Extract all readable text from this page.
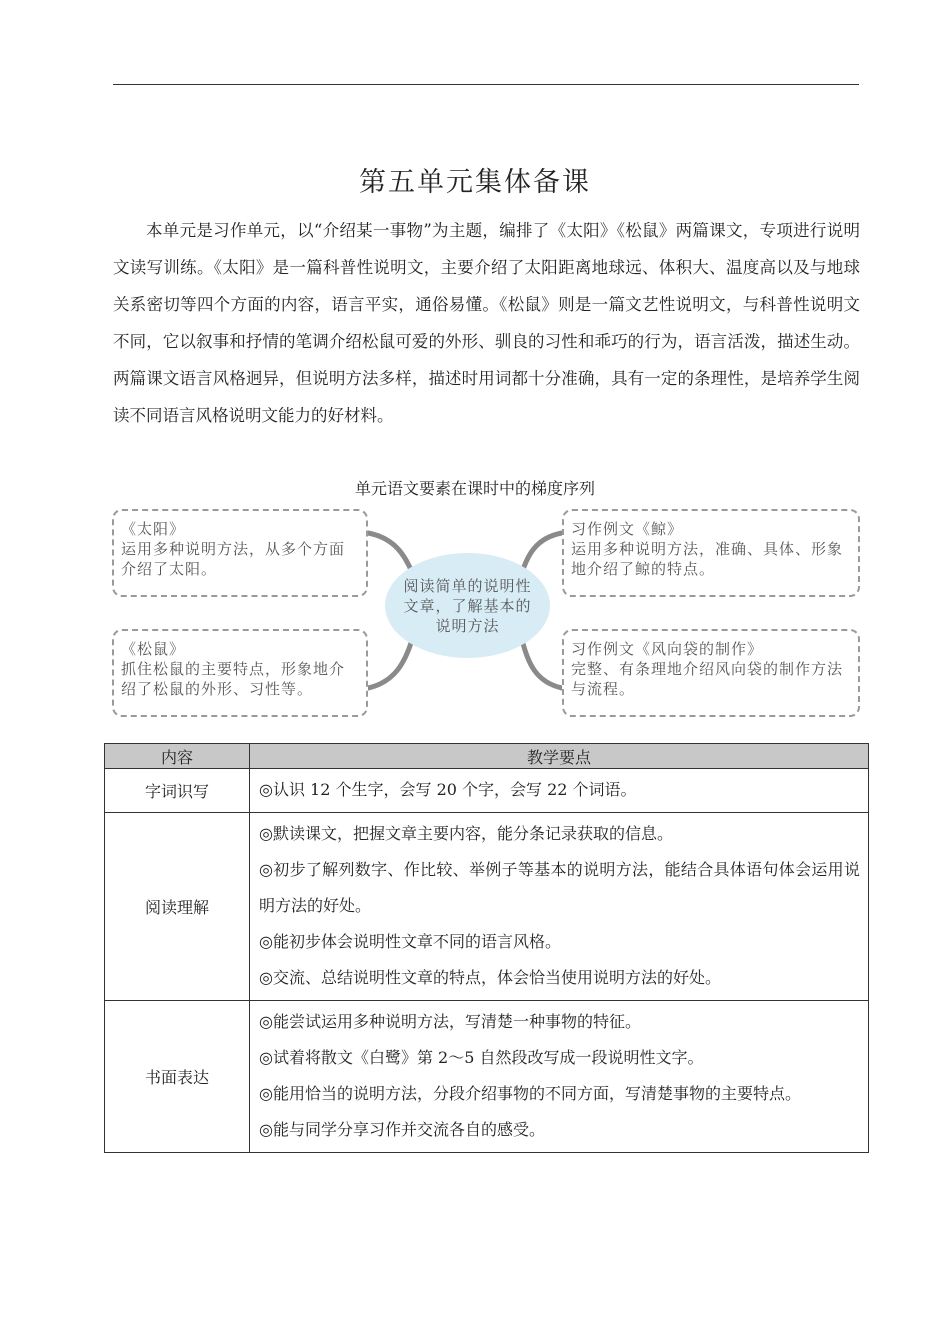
第五单元集体备课

本单元是习作单元，以“介绍某一事物”为主题，编排了《太阳》《松鼠》两篇课文，专项进行说明文读写训练。《太阳》是一篇科普性说明文，主要介绍了太阳距离地球远、体积大、温度高以及与地球关系密切等四个方面的内容，语言平实，通俗易懂。《松鼠》则是一篇文艺性说明文，与科普性说明文不同，它以叙事和抒情的笔调介绍松鼠可爱的外形、驯良的习性和乖巧的行为，语言活泼，描述生动。两篇课文语言风格迥异，但说明方法多样，描述时用词都十分准确，具有一定的条理性，是培养学生阅读不同语言风格说明文能力的好材料。

单元语文要素在课时中的梯度序列
《太阳》
运用多种说明方法，从多个方面介绍了太阳。
《松鼠》
抓住松鼠的主要特点，形象地介绍了松鼠的外形、习性等。
习作例文《鲸》
运用多种说明方法，准确、具体、形象地介绍了鲸的特点。
习作例文《风向袋的制作》
完整、有条理地介绍风向袋的制作方法与流程。
阅读简单的说明性文章，了解基本的说明方法
内容	教学要点
字词识写	◎认识 12 个生字，会写 20 个字，会写 22 个词语。

阅读理解	◎默读课文，把握文章主要内容，能分条记录获取的信息。
◎初步了解列数字、作比较、举例子等基本的说明方法，能结合具体语句体会运用说明方法的好处。
◎能初步体会说明性文章不同的语言风格。
◎交流、总结说明性文章的特点，体会恰当使用说明方法的好处。

书面表达	◎能尝试运用多种说明方法，写清楚一种事物的特征。
◎试着将散文《白鹭》第 2～5 自然段改写成一段说明性文字。
◎能用恰当的说明方法，分段介绍事物的不同方面，写清楚事物的主要特点。
◎能与同学分享习作并交流各自的感受。
